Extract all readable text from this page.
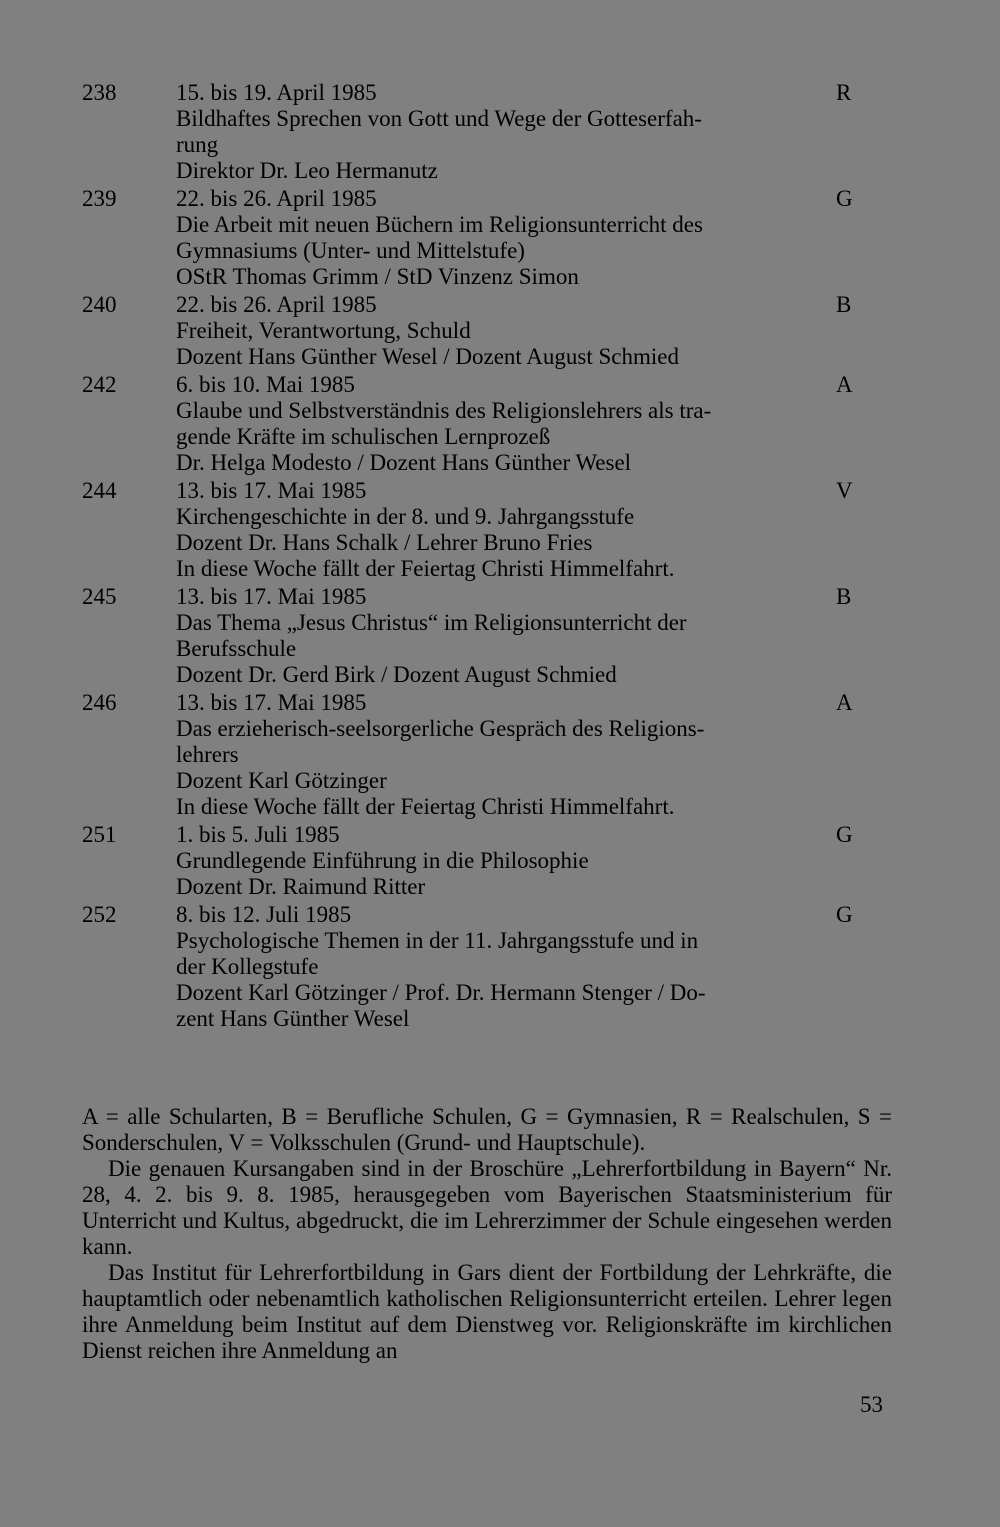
238	R
15. bis 19. April 1985
Bildhaftes Sprechen von Gott und Wege der Gotteserfah-
rung
Direktor Dr. Leo Hermanutz
239	G
22. bis 26. April 1985
Die Arbeit mit neuen Büchern im Religionsunterricht des
Gymnasiums (Unter- und Mittelstufe)
OStR Thomas Grimm / StD Vinzenz Simon
240	B
22. bis 26. April 1985
Freiheit, Verantwortung, Schuld
Dozent Hans Günther Wesel / Dozent August Schmied
242	A
6. bis 10. Mai 1985
Glaube und Selbstverständnis des Religionslehrers als tra-
gende Kräfte im schulischen Lernprozeß
Dr. Helga Modesto / Dozent Hans Günther Wesel
244	V
13. bis 17. Mai 1985
Kirchengeschichte in der 8. und 9. Jahrgangsstufe
Dozent Dr. Hans Schalk / Lehrer Bruno Fries
In diese Woche fällt der Feiertag Christi Himmelfahrt.
245	B
13. bis 17. Mai 1985
Das Thema „Jesus Christus“ im Religionsunterricht der
Berufsschule
Dozent Dr. Gerd Birk / Dozent August Schmied
246	A
13. bis 17. Mai 1985
Das erzieherisch-seelsorgerliche Gespräch des Religions-
lehrers
Dozent Karl Götzinger
In diese Woche fällt der Feiertag Christi Himmelfahrt.
251	G
1. bis 5. Juli 1985
Grundlegende Einführung in die Philosophie
Dozent Dr. Raimund Ritter
252	G
8. bis 12. Juli 1985
Psychologische Themen in der 11. Jahrgangsstufe und in
der Kollegstufe
Dozent Karl Götzinger / Prof. Dr. Hermann Stenger / Do-
zent Hans Günther Wesel

A = alle Schularten, B = Berufliche Schulen, G = Gymnasien, R = Realschulen, S = Sonderschulen, V = Volksschulen (Grund- und Hauptschule).

Die genauen Kursangaben sind in der Broschüre „Lehrerfortbildung in Bayern“ Nr. 28, 4. 2. bis 9. 8. 1985, herausgegeben vom Bayerischen Staatsministerium für Unterricht und Kultus, abgedruckt, die im Lehrerzimmer der Schule eingesehen werden kann.

Das Institut für Lehrerfortbildung in Gars dient der Fortbildung der Lehrkräfte, die hauptamtlich oder nebenamtlich katholischen Religionsunterricht erteilen. Lehrer legen ihre Anmeldung beim Institut auf dem Dienstweg vor. Religionskräfte im kirchlichen Dienst reichen ihre Anmeldung an

53
